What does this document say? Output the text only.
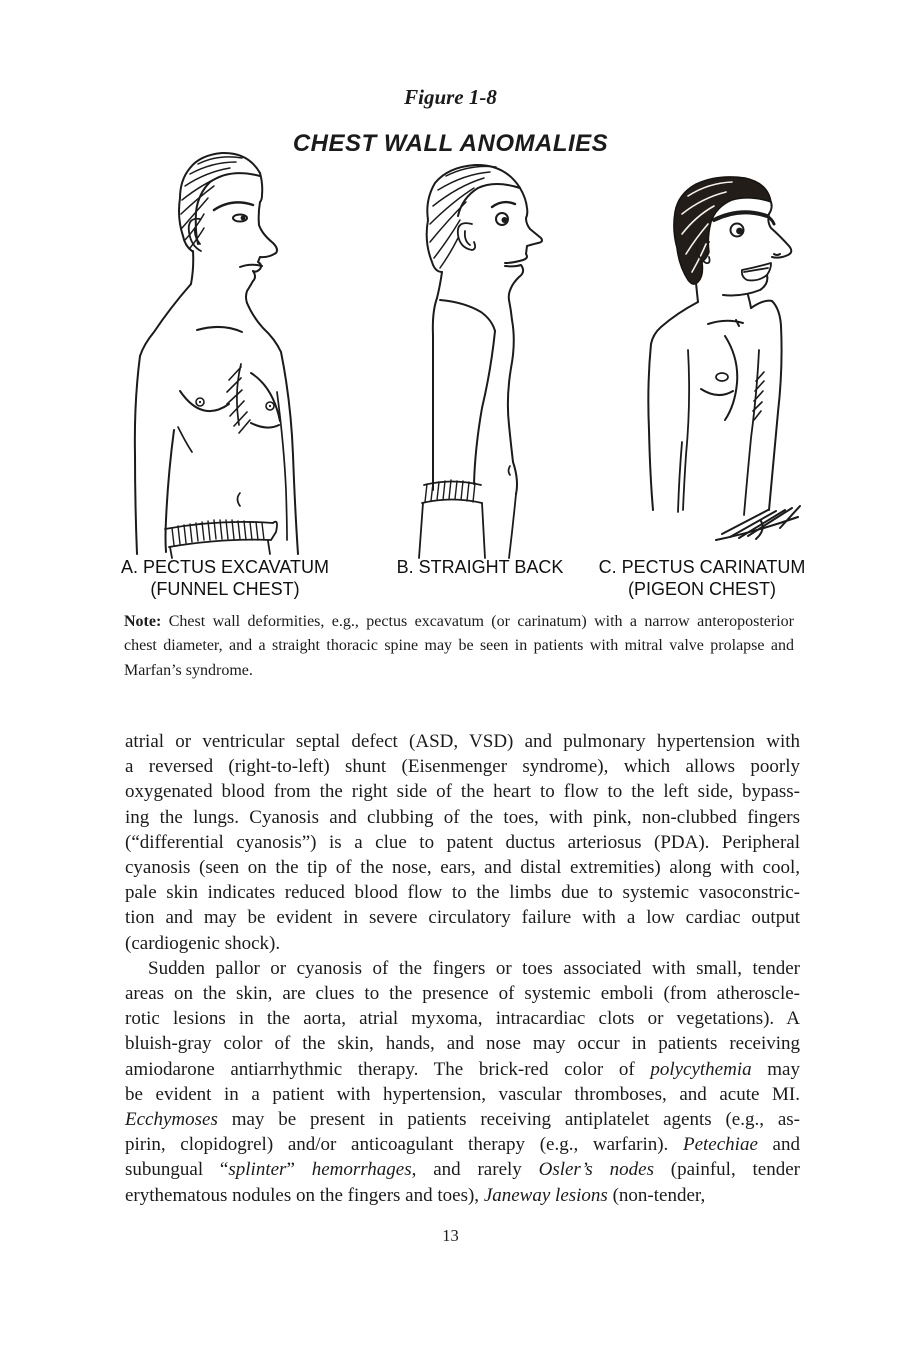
Figure 1-8
CHEST WALL ANOMALIES
A. PECTUS EXCAVATUM
(FUNNEL CHEST)
B. STRAIGHT BACK	C. PECTUS CARINATUM
(PIGEON CHEST)
Note: Chest wall deformities, e.g., pectus excavatum (or carinatum) with a narrow anteroposterior
chest diameter, and a straight thoracic spine may be seen in patients with mitral valve prolapse and
Marfan’s syndrome.
atrial or ventricular septal defect (ASD, VSD) and pulmonary hypertension with
a reversed (right-to-left) shunt (Eisenmenger syndrome), which allows poorly
oxygenated blood from the right side of the heart to flow to the left side, bypass-
ing the lungs. Cyanosis and clubbing of the toes, with pink, non-clubbed fingers
(“differential cyanosis”) is a clue to patent ductus arteriosus (PDA). Peripheral
cyanosis (seen on the tip of the nose, ears, and distal extremities) along with cool,
pale skin indicates reduced blood flow to the limbs due to systemic vasoconstric-
tion and may be evident in severe circulatory failure with a low cardiac output
(cardiogenic shock).
Sudden pallor or cyanosis of the fingers or toes associated with small, tender
areas on the skin, are clues to the presence of systemic emboli (from atheroscle-
rotic lesions in the aorta, atrial myxoma, intracardiac clots or vegetations). A
bluish-gray color of the skin, hands, and nose may occur in patients receiving
amiodarone antiarrhythmic therapy. The brick-red color of polycythemia may
be evident in a patient with hypertension, vascular thromboses, and acute MI.
Ecchymoses may be present in patients receiving antiplatelet agents (e.g., as-
pirin, clopidogrel) and/or anticoagulant therapy (e.g., warfarin). Petechiae and
subungual “splinter” hemorrhages, and rarely Osler’s nodes (painful, tender
erythematous nodules on the fingers and toes), Janeway lesions (non-tender,
13
